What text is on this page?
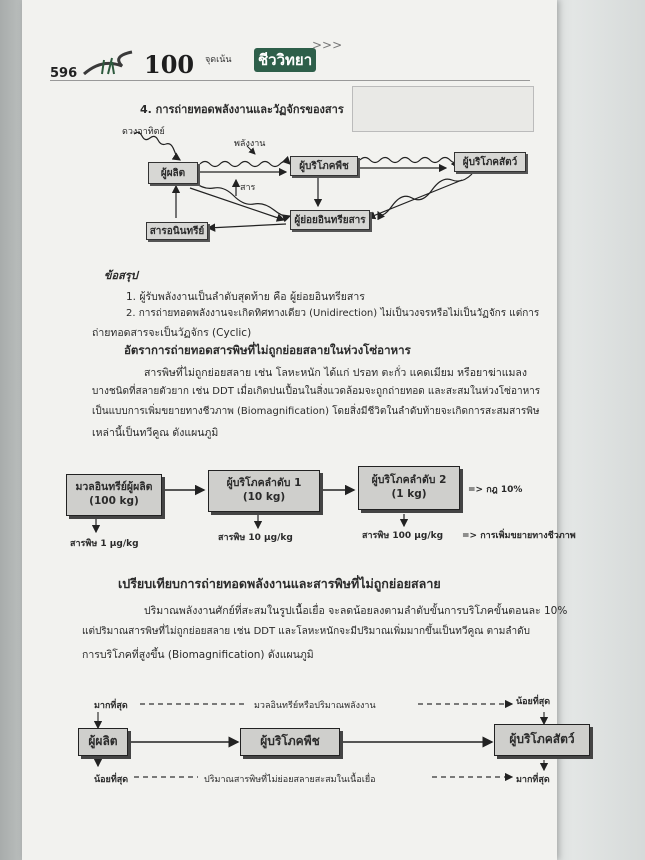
596	100 จุดเน้น ชีววิทยา
>>>
4. การถ่ายทอดพลังงานและวัฏจักรของสาร
ดวงอาทิตย์
พลังงาน
สาร
ผู้ผลิต
ผู้บริโภคพืช	ผู้บริโภคสัตว์
ผู้ย่อยอินทรียสาร
สารอนินทรีย์
ข้อสรุป
1. ผู้รับพลังงานเป็นลำดับสุดท้าย คือ ผู้ย่อยอินทรียสาร
2. การถ่ายทอดพลังงานจะเกิดทิศทางเดียว (Unidirection) ไม่เป็นวงจรหรือไม่เป็นวัฏจักร แต่การ
ถ่ายทอดสารจะเป็นวัฏจักร (Cyclic)
อัตราการถ่ายทอดสารพิษที่ไม่ถูกย่อยสลายในห่วงโซ่อาหาร
สารพิษที่ไม่ถูกย่อยสลาย เช่น โลหะหนัก ได้แก่ ปรอท ตะกั่ว แคดเมียม หรือยาฆ่าแมลง
บางชนิดที่สลายตัวยาก เช่น DDT เมื่อเกิดปนเปื้อนในสิ่งแวดล้อมจะถูกถ่ายทอด และสะสมในห่วงโซ่อาหาร
เป็นแบบการเพิ่มขยายทางชีวภาพ (Biomagnification) โดยสิ่งมีชีวิตในลำดับท้ายจะเกิดการสะสมสารพิษ
เหล่านี้เป็นทวีคูณ ดังแผนภูมิ
มวลอินทรีย์ผู้ผลิต
(100 kg)
ผู้บริโภคลำดับ 1
(10 kg)
ผู้บริโภคลำดับ 2
(1 kg)	=> กฎ 10%
สารพิษ 1 µg/kg
สารพิษ 10 µg/kg	สารพิษ 100 µg/kg => การเพิ่มขยายทางชีวภาพ
เปรียบเทียบการถ่ายทอดพลังงานและสารพิษที่ไม่ถูกย่อยสลาย
ปริมาณพลังงานศักย์ที่สะสมในรูปเนื้อเยื่อ จะลดน้อยลงตามลำดับขั้นการบริโภคขั้นตอนละ 10%
แต่ปริมาณสารพิษที่ไม่ถูกย่อยสลาย เช่น DDT และโลหะหนักจะมีปริมาณเพิ่มมากขึ้นเป็นทวีคูณ ตามลำดับ
การบริโภคที่สูงขึ้น (Biomagnification) ดังแผนภูมิ
มากที่สุด	มวลอินทรีย์หรือปริมาณพลังงาน	น้อยที่สุด
ผู้ผลิต	ผู้บริโภคพืช	ผู้บริโภคสัตว์
น้อยที่สุด	ปริมาณสารพิษที่ไม่ย่อยสลายสะสมในเนื้อเยื่อ	มากที่สุด
